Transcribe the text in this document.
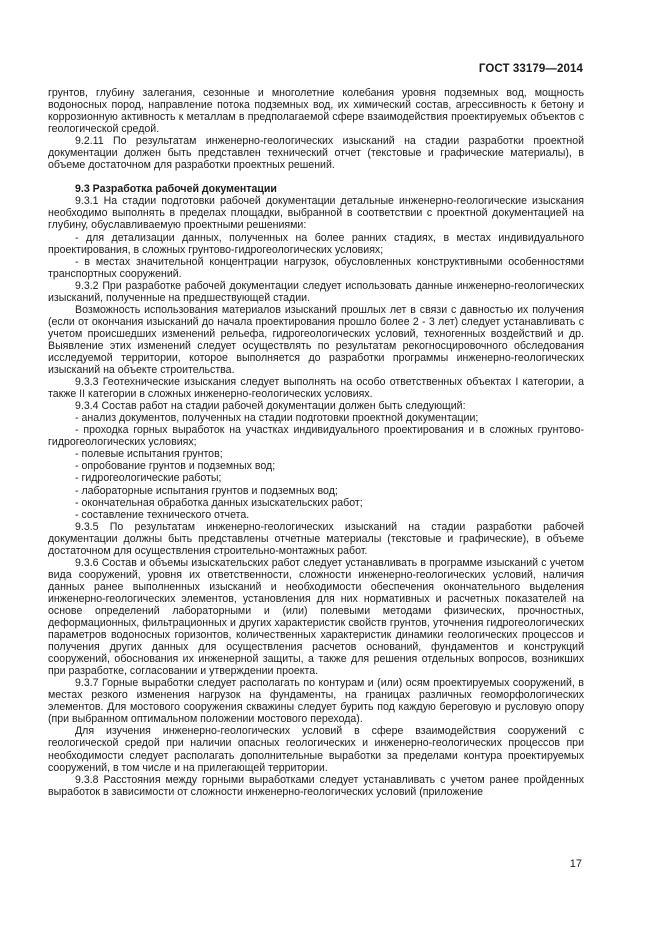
ГОСТ 33179—2014

грунтов, глубину залегания, сезонные и многолетние колебания уровня подземных вод, мощность водоносных пород, направление потока подземных вод, их химический состав, агрессивность к бетону и коррозионную активность к металлам в предполагаемой сфере взаимодействия проектируемых объектов с геологической средой.

9.2.11 По результатам инженерно-геологических изысканий на стадии разработки проектной документации должен быть представлен технический отчет (текстовые и графические материалы), в объеме достаточном для разработки проектных решений.

9.3 Разработка рабочей документации

9.3.1 На стадии подготовки рабочей документации детальные инженерно-геологические изыскания необходимо выполнять в пределах площадки, выбранной в соответствии с проектной документацией на глубину, обуславливаемую проектными решениями:

- для детализации данных, полученных на более ранних стадиях, в местах индивидуального проектирования, в сложных грунтово-гидрогеологических условиях;

- в местах значительной концентрации нагрузок, обусловленных конструктивными особенностями транспортных сооружений.

9.3.2 При разработке рабочей документации следует использовать данные инженерно-геологических изысканий, полученные на предшествующей стадии.

Возможность использования материалов изысканий прошлых лет в связи с давностью их получения (если от окончания изысканий до начала проектирования прошло более 2 - 3 лет) следует устанавливать с учетом происшедших изменений рельефа, гидрогеологических условий, техногенных воздействий и др. Выявление этих изменений следует осуществлять по результатам рекогносцировочного обследования исследуемой территории, которое выполняется до разработки программы инженерно-геологических изысканий на объекте строительства.

9.3.3 Геотехнические изыскания следует выполнять на особо ответственных объектах I категории, а также II категории в сложных инженерно-геологических условиях.

9.3.4 Состав работ на стадии рабочей документации должен быть следующий:

- анализ документов, полученных на стадии подготовки проектной документации;

- проходка горных выработок на участках индивидуального проектирования и в сложных грунтово-гидрогеологических условиях;

- полевые испытания грунтов;

- опробование грунтов и подземных вод;

- гидрогеологические работы;

- лабораторные испытания грунтов и подземных вод;

- окончательная обработка данных изыскательских работ;

- составление технического отчета.

9.3.5 По результатам инженерно-геологических изысканий на стадии разработки рабочей документации должны быть представлены отчетные материалы (текстовые и графические), в объеме достаточном для осуществления строительно-монтажных работ.

9.3.6 Состав и объемы изыскательских работ следует устанавливать в программе изысканий с учетом вида сооружений, уровня их ответственности, сложности инженерно-геологических условий, наличия данных ранее выполненных изысканий и необходимости обеспечения окончательного выделения инженерно-геологических элементов, установления для них нормативных и расчетных показателей на основе определений лабораторными и (или) полевыми методами физических, прочностных, деформационных, фильтрационных и других характеристик свойств грунтов, уточнения гидрогеологических параметров водоносных горизонтов, количественных характеристик динамики геологических процессов и получения других данных для осуществления расчетов оснований, фундаментов и конструкций сооружений, обоснования их инженерной защиты, а также для решения отдельных вопросов, возникших при разработке, согласовании и утверждении проекта.

9.3.7 Горные выработки следует располагать по контурам и (или) осям проектируемых сооружений, в местах резкого изменения нагрузок на фундаменты, на границах различных геоморфологических элементов. Для мостового сооружения скважины следует бурить под каждую береговую и русловую опору (при выбранном оптимальном положении мостового перехода).

Для изучения инженерно-геологических условий в сфере взаимодействия сооружений с геологической средой при наличии опасных геологических и инженерно-геологических процессов при необходимости следует располагать дополнительные выработки за пределами контура проектируемых сооружений, в том числе и на прилегающей территории.

9.3.8 Расстояния между горными выработками следует устанавливать с учетом ранее пройденных выработок в зависимости от сложности инженерно-геологических условий (приложение

17
